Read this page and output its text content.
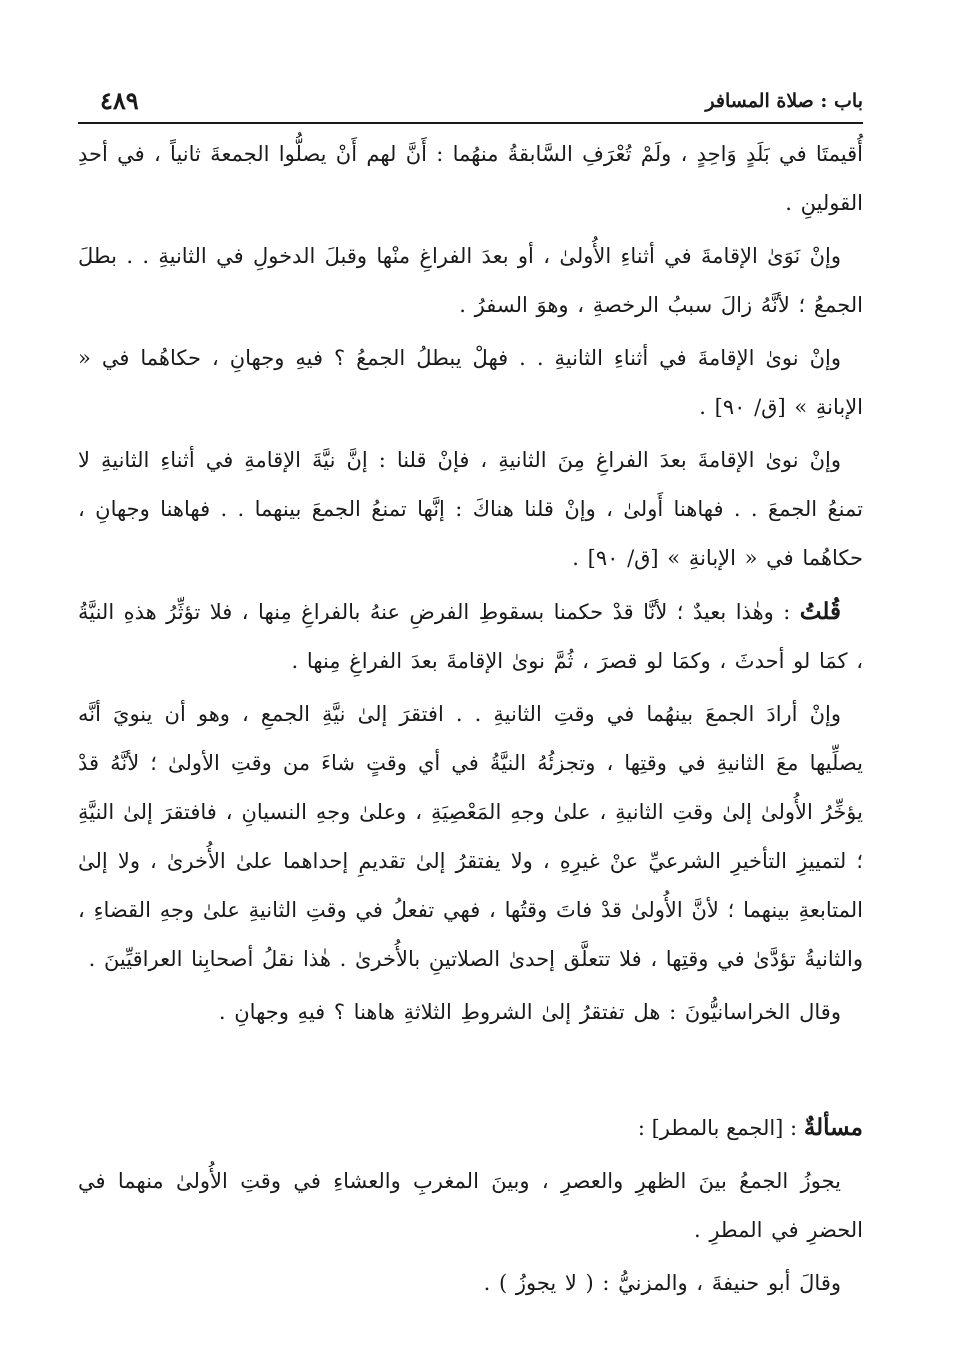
باب : صلاة المسافر
٤٨٩

أُقيمتَا في بَلَدٍ وَاحِدٍ ، ولَمْ تُعْرَفِ السَّابقةُ منهُما : أَنَّ لهم أَنْ يصلُّوا الجمعةَ ثانياً ، في أحدِ القولينِ .

وإنْ نَوَىٰ الإقامةَ في أثناءِ الأُولىٰ ، أو بعدَ الفراغِ منْها وقبلَ الدخولِ في الثانيةِ . . بطلَ الجمعُ ؛ لأنَّهُ زالَ سببُ الرخصةِ ، وهوَ السفرُ .

وإنْ نوىٰ الإقامةَ في أثناءِ الثانيةِ . . فهلْ يبطلُ الجمعُ ؟ فيهِ وجهانِ ، حكاهُما في « الإبانةِ » [ق/ ٩٠] .

وإنْ نوىٰ الإقامةَ بعدَ الفراغِ مِنَ الثانيةِ ، فإنْ قلنا : إنَّ نيَّةَ الإقامةِ في أثناءِ الثانيةِ لا تمنعُ الجمعَ . . فهاهنا أَولىٰ ، وإنْ قلنا هناكَ : إنَّها تمنعُ الجمعَ بينهما . . فهاهنا وجهانِ ، حكاهُما في « الإبانةِ » [ق/ ٩٠] .

قُلتُ : وهٰذا بعيدٌ ؛ لأنَّا قدْ حكمنا بسقوطِ الفرضِ عنهُ بالفراغِ مِنها ، فلا تؤثِّرُ هذهِ النيَّةُ ، كمَا لو أحدثَ ، وكمَا لو قصرَ ، ثُمَّ نوىٰ الإقامةَ بعدَ الفراغِ مِنها .

وإنْ أرادَ الجمعَ بينهُما في وقتِ الثانيةِ . . افتقرَ إلىٰ نيَّةِ الجمعِ ، وهو أن ينويَ أنَّه يصلِّيها معَ الثانيةِ في وقتِها ، وتجزئُهُ النيَّةُ في أي وقتٍ شاءَ من وقتِ الأولىٰ ؛ لأنَّهُ قدْ يؤخِّرُ الأُولىٰ إلىٰ وقتِ الثانيةِ ، علىٰ وجهِ المَعْصِيَةِ ، وعلىٰ وجهِ النسيانِ ، فافتقرَ إلىٰ النيَّةِ ؛ لتمييزِ التأخيرِ الشرعيِّ عنْ غيرِهِ ، ولا يفتقرُ إلىٰ تقديمِ إحداهما علىٰ الأُخرىٰ ، ولا إلىٰ المتابعةِ بينهما ؛ لأنَّ الأُولىٰ قدْ فاتَ وقتُها ، فهي تفعلُ في وقتِ الثانيةِ علىٰ وجهِ القضاءِ ، والثانيةُ تؤدَّىٰ في وقتِها ، فلا تتعلَّق إحدىٰ الصلاتينِ بالأُخرىٰ . هٰذا نقلُ أصحابِنا العراقيِّينَ .

وقال الخراسانيُّونَ : هل تفتقرُ إلىٰ الشروطِ الثلاثةِ هاهنا ؟ فيهِ وجهانِ .

مسألةٌ : [الجمع بالمطر] :

يجوزُ الجمعُ بينَ الظهرِ والعصرِ ، وبينَ المغربِ والعشاءِ في وقتِ الأُولىٰ منهما في الحضرِ في المطرِ .

وقالَ أبو حنيفةَ ، والمزنيُّ : ( لا يجوزُ ) .
